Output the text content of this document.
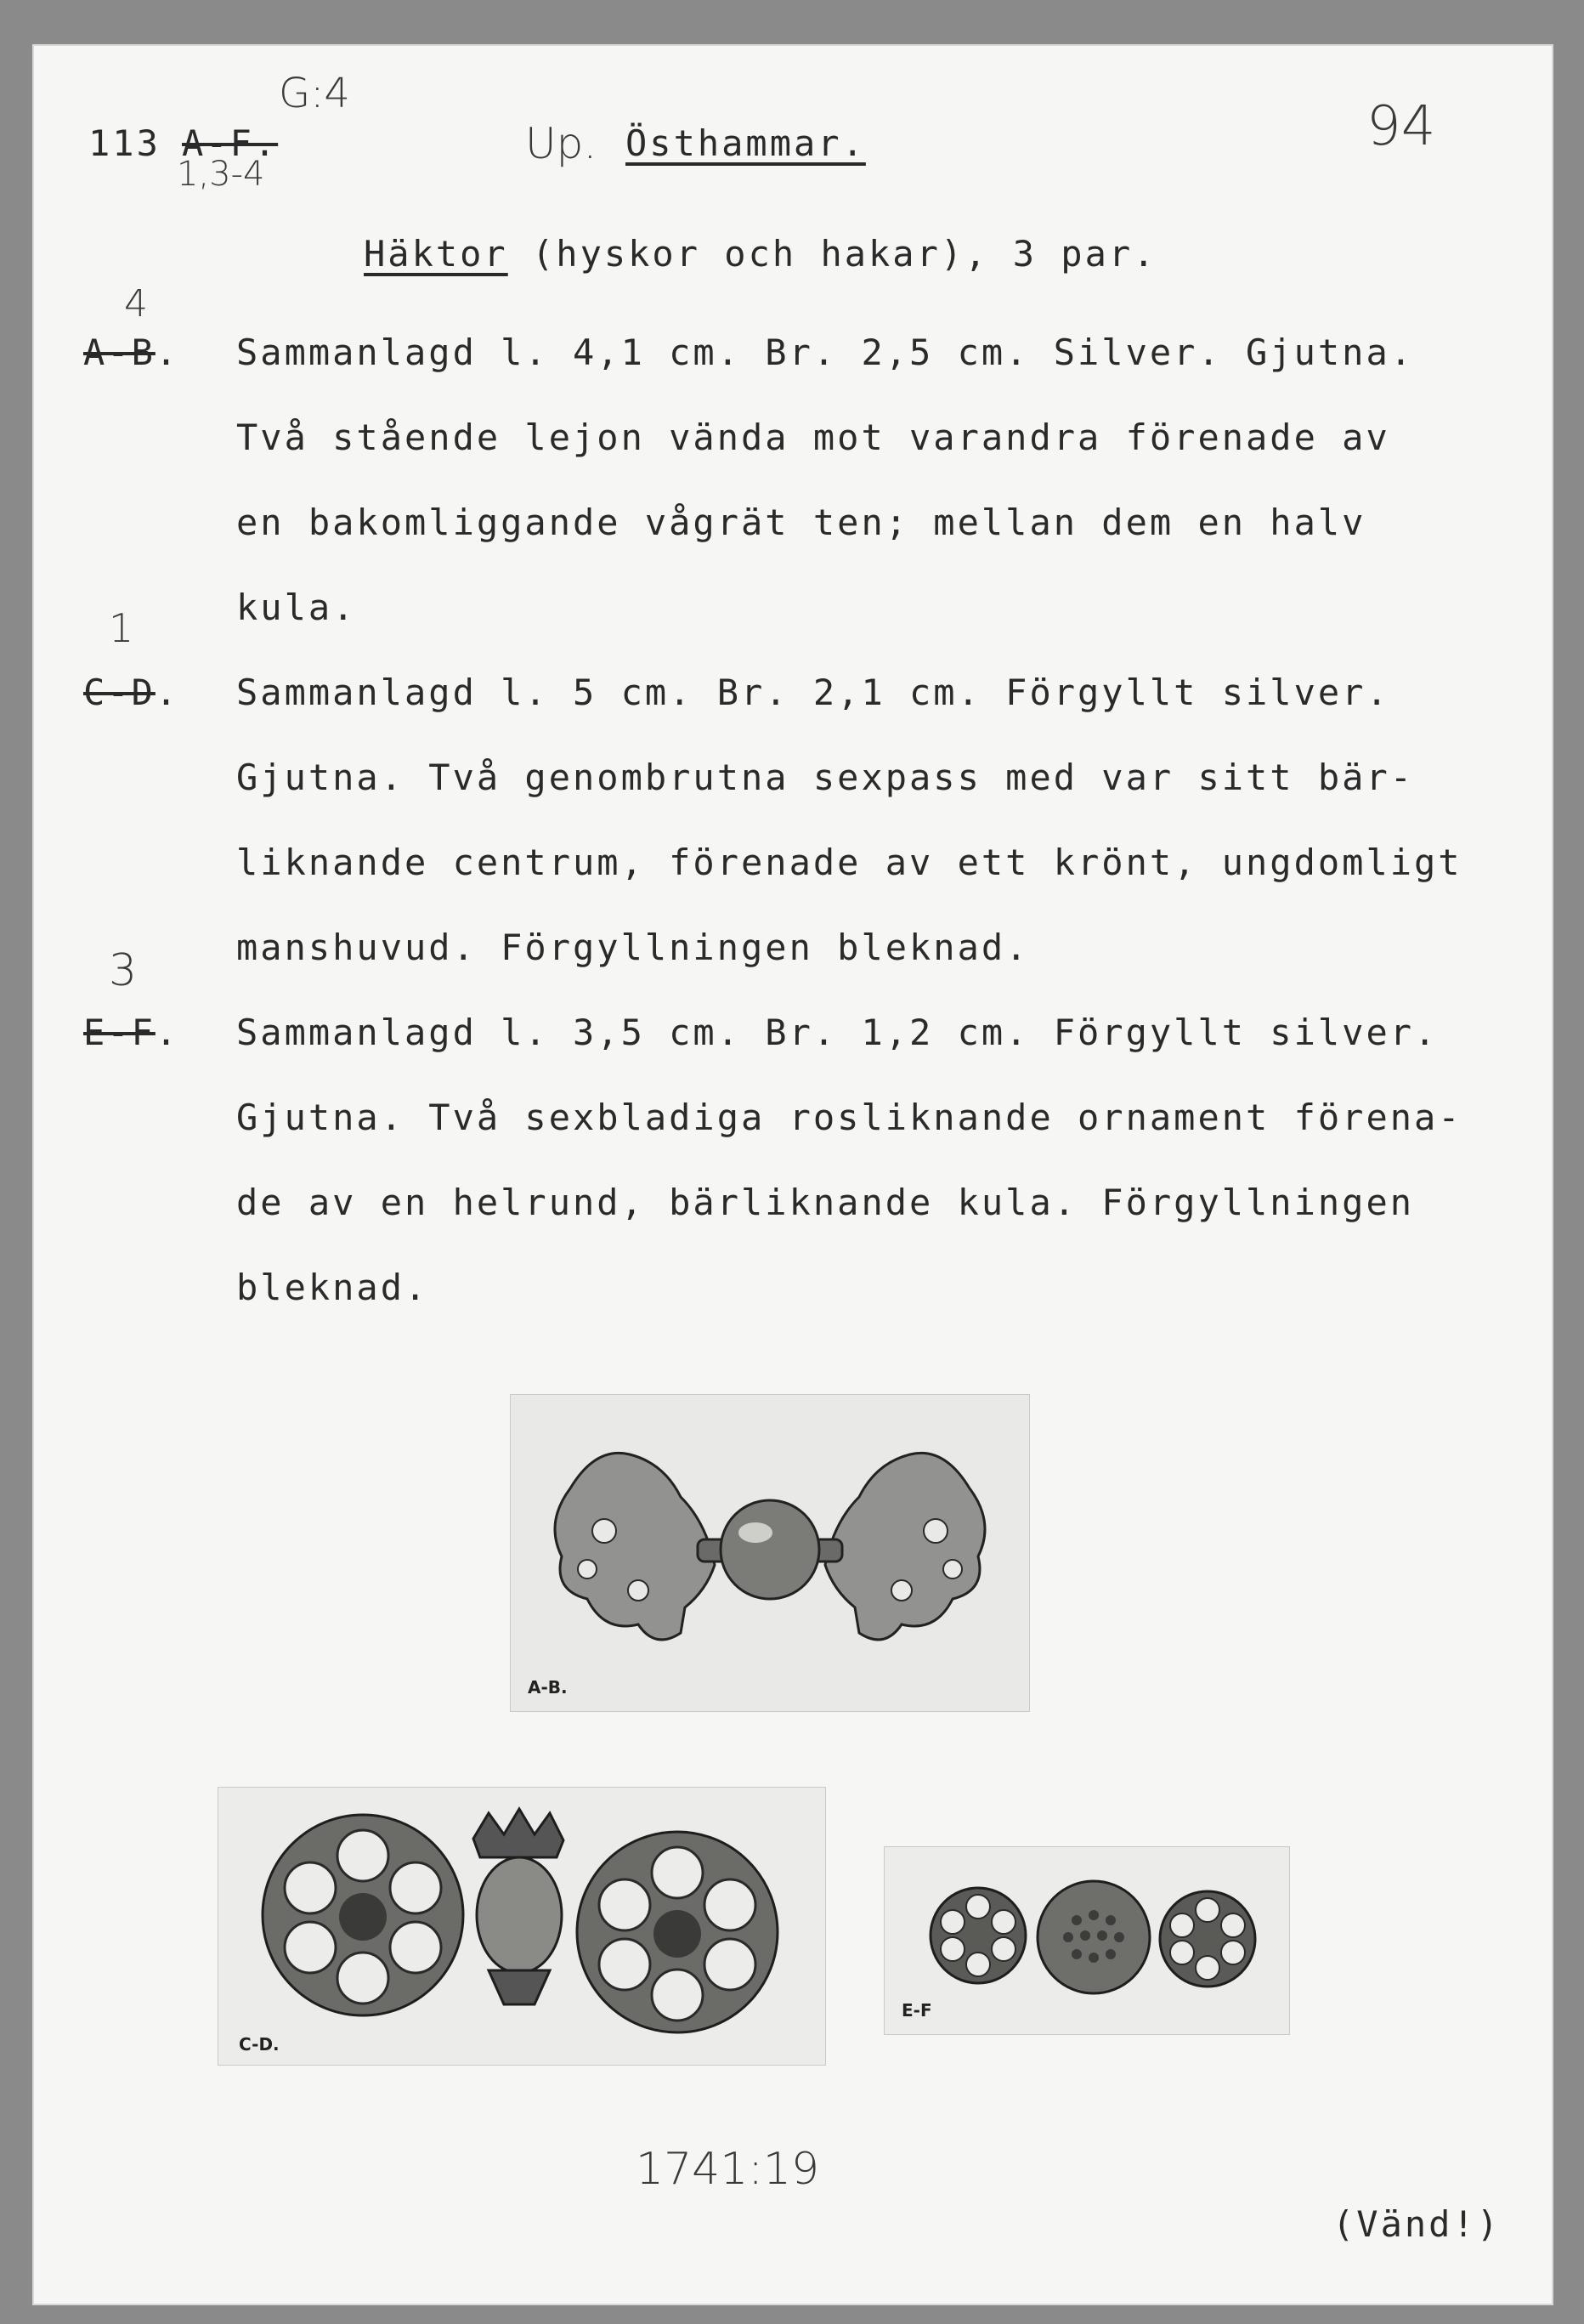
G:4
1,3-4
94
Up.
113 A-F.	Östhammar.
Häktor (hyskor och hakar), 3 par.
4
A-B. Sammanlagd l. 4,1 cm. Br. 2,5 cm. Silver. Gjutna.
Två stående lejon vända mot varandra förenade av
en bakomliggande vågrät ten; mellan dem en halv
kula.
1
C-D. Sammanlagd l. 5 cm. Br. 2,1 cm. Förgyllt silver.
Gjutna. Två genombrutna sexpass med var sitt bär-
liknande centrum, förenade av ett krönt, ungdomligt
manshuvud. Förgyllningen bleknad.
3
E-F. Sammanlagd l. 3,5 cm. Br. 1,2 cm. Förgyllt silver.
Gjutna. Två sexbladiga rosliknande ornament förena-
de av en helrund, bärliknande kula. Förgyllningen
bleknad.
A-B.
C-D.
E-F
1741:19
(Vänd!)
